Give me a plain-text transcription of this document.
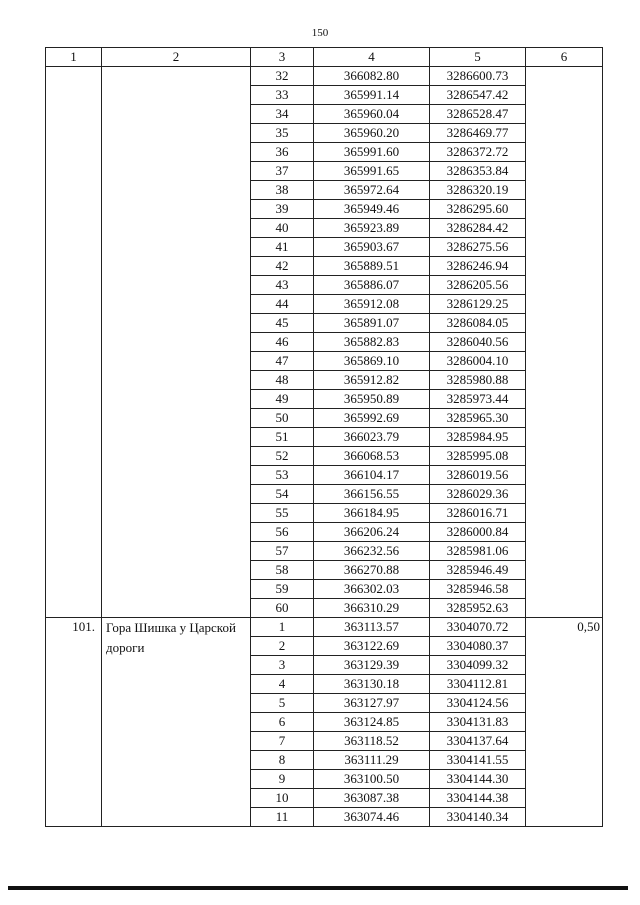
150
1	2	3	4	5	6
		32	366082.80	3286600.73	
		33	365991.14	3286547.42	
		34	365960.04	3286528.47	
		35	365960.20	3286469.77	
		36	365991.60	3286372.72	
		37	365991.65	3286353.84	
		38	365972.64	3286320.19	
		39	365949.46	3286295.60	
		40	365923.89	3286284.42	
		41	365903.67	3286275.56	
		42	365889.51	3286246.94	
		43	365886.07	3286205.56	
		44	365912.08	3286129.25	
		45	365891.07	3286084.05	
		46	365882.83	3286040.56	
		47	365869.10	3286004.10	
		48	365912.82	3285980.88	
		49	365950.89	3285973.44	
		50	365992.69	3285965.30	
		51	366023.79	3285984.95	
		52	366068.53	3285995.08	
		53	366104.17	3286019.56	
		54	366156.55	3286029.36	
		55	366184.95	3286016.71	
		56	366206.24	3286000.84	
		57	366232.56	3285981.06	
		58	366270.88	3285946.49	
		59	366302.03	3285946.58	
		60	366310.29	3285952.63	
101.	Гора Шишка у Царской дороги	1	363113.57	3304070.72	0,50
		2	363122.69	3304080.37	
		3	363129.39	3304099.32	
		4	363130.18	3304112.81	
		5	363127.97	3304124.56	
		6	363124.85	3304131.83	
		7	363118.52	3304137.64	
		8	363111.29	3304141.55	
		9	363100.50	3304144.30	
		10	363087.38	3304144.38	
		11	363074.46	3304140.34	
